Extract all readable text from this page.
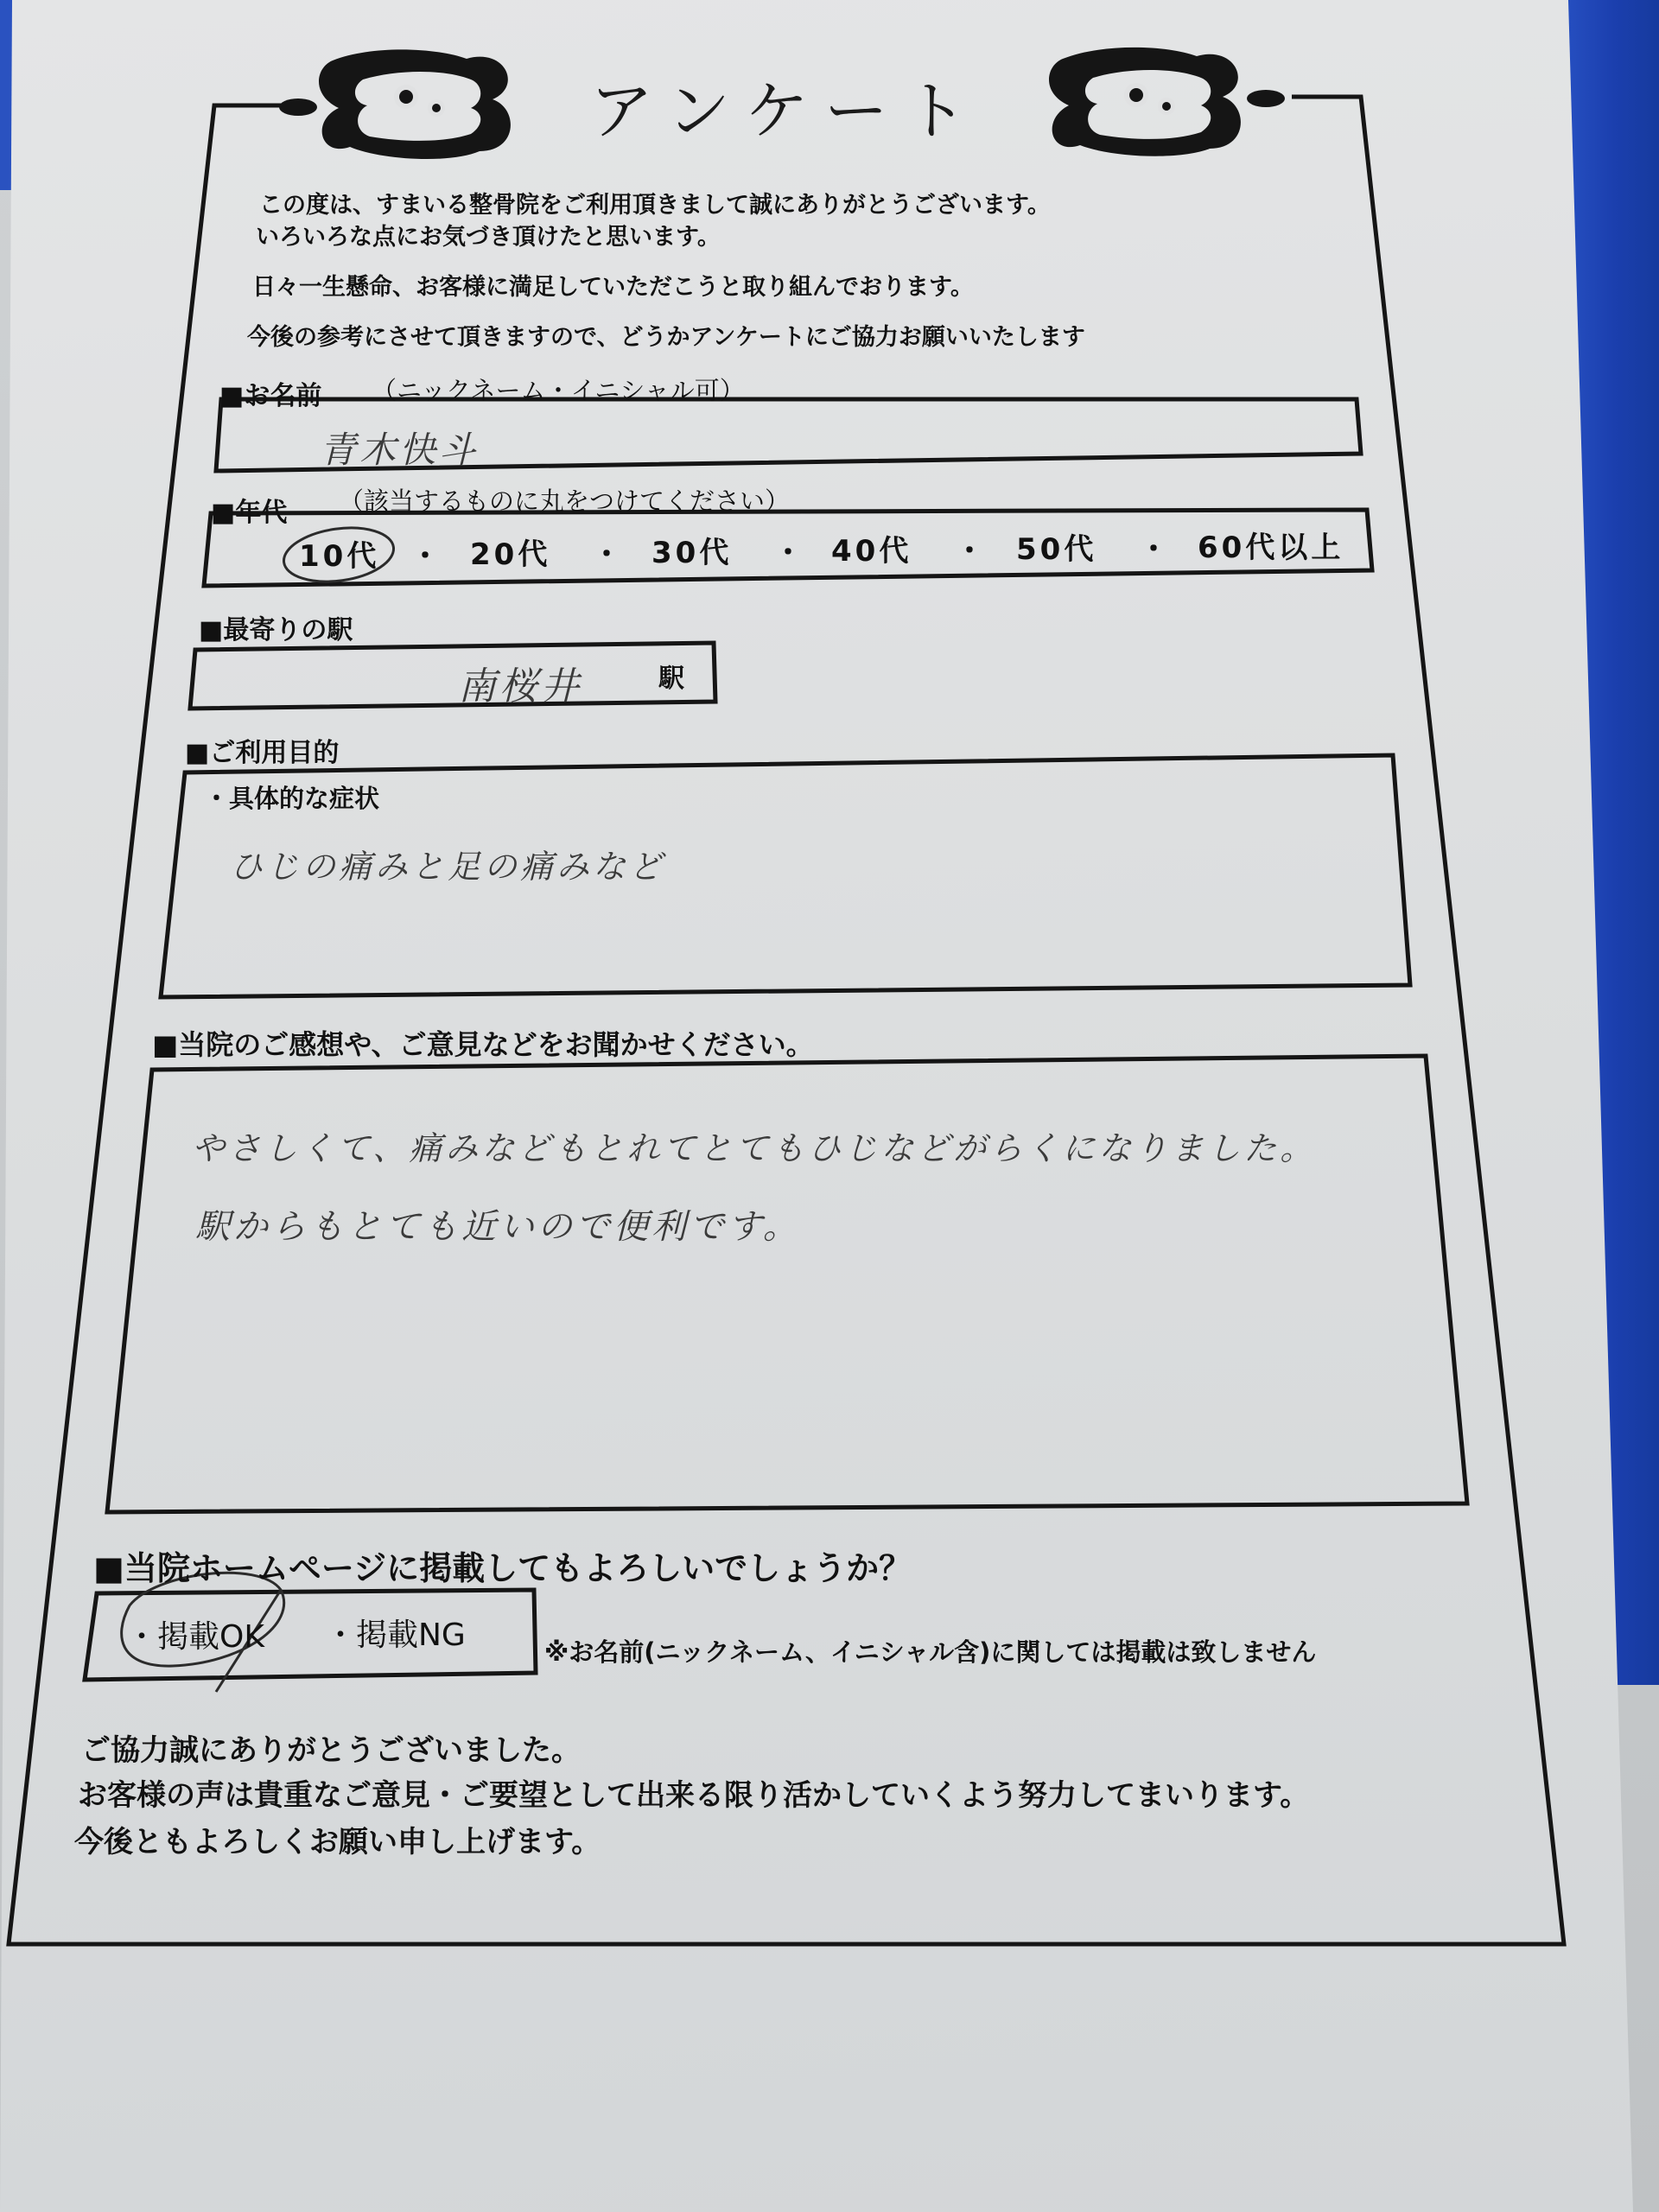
アンケート
この度は、すまいる整骨院をご利用頂きまして誠にありがとうございます。
いろいろな点にお気づき頂けたと思います。
日々一生懸命、お客様に満足していただこうと取り組んでおります。
今後の参考にさせて頂きますので、どうかアンケートにご協力お願いいたします
■お名前 （ニックネーム・イニシャル可）
青木快斗
■年代 （該当するものに丸をつけてください）
10代 ・ 20代 ・ 30代 ・ 40代 ・ 50代 ・ 60代以上
■最寄りの駅
南桜井	駅
■ご利用目的
・具体的な症状
ひじの痛みと足の痛みなど
■当院のご感想や、ご意見などをお聞かせください。
やさしくて、痛みなどもとれてとてもひじなどがらくになりました。
駅からもとても近いので便利です。
■当院ホームページに掲載してもよろしいでしょうか？
・掲載OK ・掲載NG	※お名前(ニックネーム、イニシャル含)に関しては掲載は致しません
ご協力誠にありがとうございました。
お客様の声は貴重なご意見・ご要望として出来る限り活かしていくよう努力してまいります。
今後ともよろしくお願い申し上げます。
